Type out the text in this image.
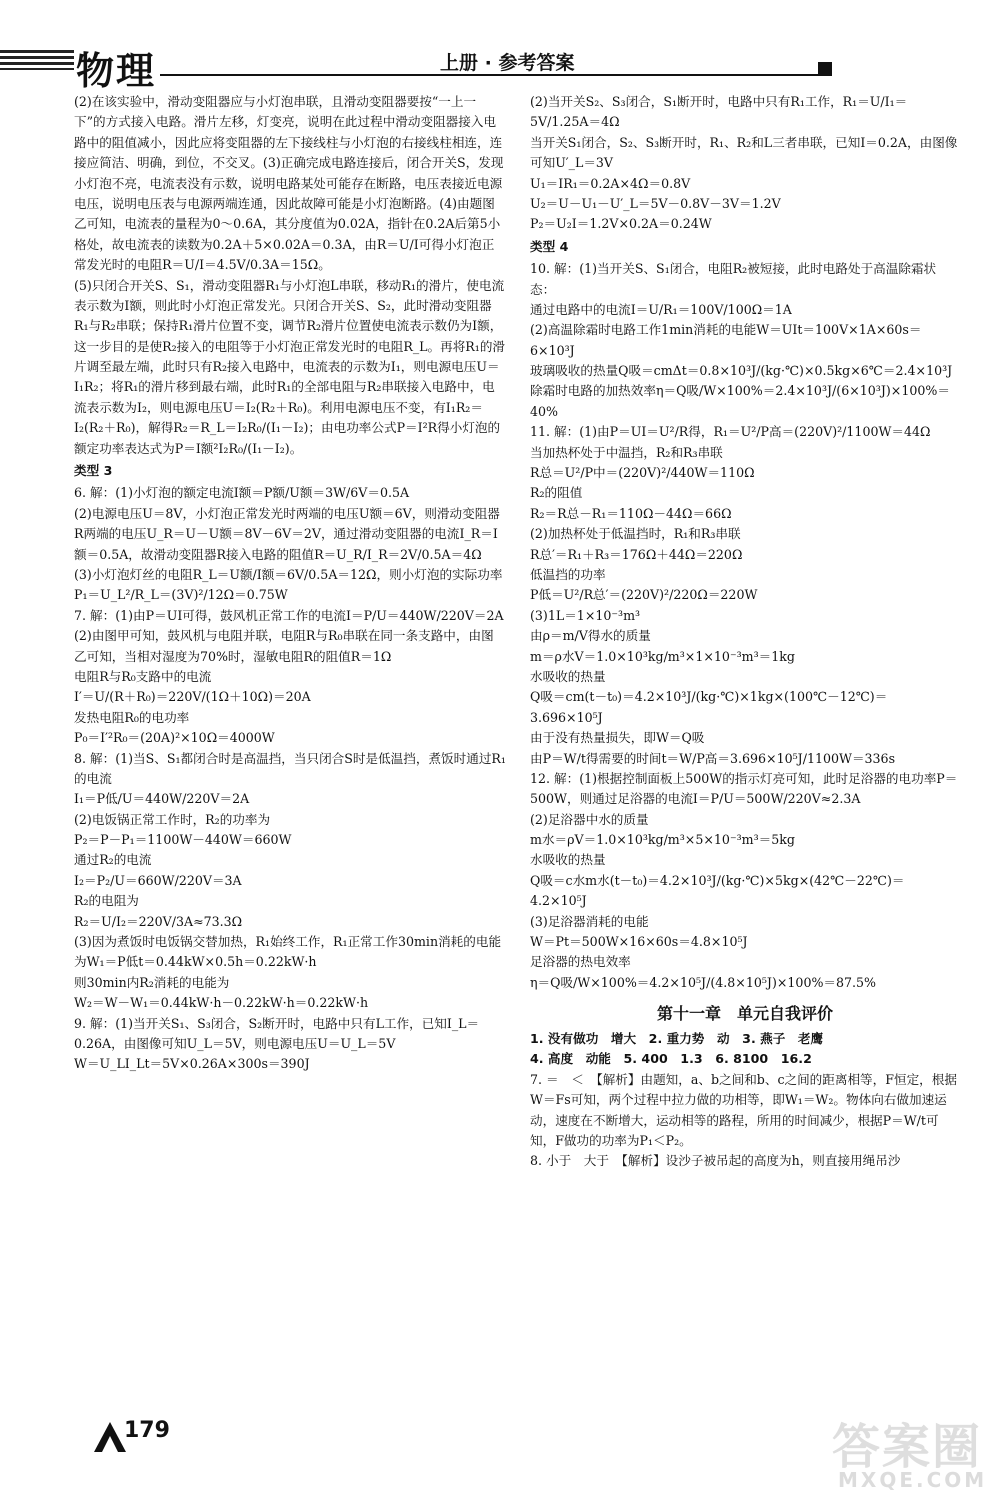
物理	上册 · 参考答案

(2)在该实验中，滑动变阻器应与小灯泡串联，且滑动变阻器要按“一上一下”的方式接入电路。滑片左移，灯变亮，说明在此过程中滑动变阻器接入电路中的阻值减小，因此应将变阻器的左下接线柱与小灯泡的右接线柱相连，连接应简洁、明确，到位，不交叉。(3)正确完成电路连接后，闭合开关S，发现小灯泡不亮，电流表没有示数，说明电路某处可能存在断路，电压表接近电源电压，说明电压表与电源两端连通，因此故障可能是小灯泡断路。(4)由题图乙可知，电流表的量程为0～0.6A，其分度值为0.02A，指针在0.2A后第5小格处，故电流表的读数为0.2A＋5×0.02A＝0.3A，由R＝U/I可得小灯泡正常发光时的电阻R＝U/I＝4.5V/0.3A＝15Ω。

(5)只闭合开关S、S₁，滑动变阻器R₁与小灯泡L串联，移动R₁的滑片，使电流表示数为I额，则此时小灯泡正常发光。只闭合开关S、S₂，此时滑动变阻器R₁与R₂串联；保持R₁滑片位置不变，调节R₂滑片位置使电流表示数仍为I额，这一步目的是使R₂接入的电阻等于小灯泡正常发光时的电阻R_L。再将R₁的滑片调至最左端，此时只有R₂接入电路中，电流表的示数为I₁，则电源电压U＝I₁R₂；将R₁的滑片移到最右端，此时R₁的全部电阻与R₂串联接入电路中，电流表示数为I₂，则电源电压U＝I₂(R₂＋R₀)。利用电源电压不变，有I₁R₂＝I₂(R₂＋R₀)，解得R₂＝R_L＝I₂R₀/(I₁－I₂)；由电功率公式P＝I²R得小灯泡的额定功率表达式为P＝I额²I₂R₀/(I₁－I₂)。

类型 3

6. 解：(1)小灯泡的额定电流I额＝P额/U额＝3W/6V＝0.5A

(2)电源电压U＝8V，小灯泡正常发光时两端的电压U额＝6V，则滑动变阻器R两端的电压U_R＝U－U额＝8V－6V＝2V，通过滑动变阻器的电流I_R＝I额＝0.5A，故滑动变阻器R接入电路的阻值R＝U_R/I_R＝2V/0.5A＝4Ω

(3)小灯泡灯丝的电阻R_L＝U额/I额＝6V/0.5A＝12Ω，则小灯泡的实际功率P₁＝U_L²/R_L＝(3V)²/12Ω＝0.75W

7. 解：(1)由P＝UI可得，鼓风机正常工作的电流I＝P/U＝440W/220V＝2A

(2)由图甲可知，鼓风机与电阻并联，电阻R与R₀串联在同一条支路中，由图乙可知，当相对湿度为70%时，湿敏电阻R的阻值R＝1Ω

电阻R与R₀支路中的电流

I′＝U/(R＋R₀)＝220V/(1Ω＋10Ω)＝20A

发热电阻R₀的电功率

P₀＝I′²R₀＝(20A)²×10Ω＝4000W

8. 解：(1)当S、S₁都闭合时是高温挡，当只闭合S时是低温挡，煮饭时通过R₁的电流

I₁＝P低/U＝440W/220V＝2A

(2)电饭锅正常工作时，R₂的功率为

P₂＝P－P₁＝1100W－440W＝660W

通过R₂的电流

I₂＝P₂/U＝660W/220V＝3A

R₂的电阻为

R₂＝U/I₂＝220V/3A≈73.3Ω

(3)因为煮饭时电饭锅交替加热，R₁始终工作，R₁正常工作30min消耗的电能为W₁＝P低t＝0.44kW×0.5h＝0.22kW·h

则30min内R₂消耗的电能为

W₂＝W－W₁＝0.44kW·h－0.22kW·h＝0.22kW·h

9. 解：(1)当开关S₁、S₃闭合，S₂断开时，电路中只有L工作，已知I_L＝0.26A，由图像可知U_L＝5V，则电源电压U＝U_L＝5V

W＝U_LI_Lt＝5V×0.26A×300s＝390J

(2)当开关S₂、S₃闭合，S₁断开时，电路中只有R₁工作，R₁＝U/I₁＝5V/1.25A＝4Ω

当开关S₁闭合，S₂、S₃断开时，R₁、R₂和L三者串联，已知I＝0.2A，由图像可知U′_L＝3V

U₁＝IR₁＝0.2A×4Ω＝0.8V

U₂＝U－U₁－U′_L＝5V－0.8V－3V＝1.2V

P₂＝U₂I＝1.2V×0.2A＝0.24W

类型 4

10. 解：(1)当开关S、S₁闭合，电阻R₂被短接，此时电路处于高温除霜状态：

通过电路中的电流I＝U/R₁＝100V/100Ω＝1A

(2)高温除霜时电路工作1min消耗的电能W＝UIt＝100V×1A×60s＝6×10³J

玻璃吸收的热量Q吸＝cmΔt＝0.8×10³J/(kg·℃)×0.5kg×6℃＝2.4×10³J

除霜时电路的加热效率η＝Q吸/W×100%＝2.4×10³J/(6×10³J)×100%＝40%

11. 解：(1)由P＝UI＝U²/R得，R₁＝U²/P高＝(220V)²/1100W＝44Ω

当加热杯处于中温挡，R₂和R₃串联

R总＝U²/P中＝(220V)²/440W＝110Ω

R₂的阻值

R₂＝R总－R₁＝110Ω－44Ω＝66Ω

(2)加热杯处于低温挡时，R₁和R₃串联

R总′＝R₁＋R₃＝176Ω＋44Ω＝220Ω

低温挡的功率

P低＝U²/R总′＝(220V)²/220Ω＝220W

(3)1L＝1×10⁻³m³

由ρ＝m/V得水的质量

m＝ρ水V＝1.0×10³kg/m³×1×10⁻³m³＝1kg

水吸收的热量

Q吸＝cm(t－t₀)＝4.2×10³J/(kg·℃)×1kg×(100℃－12℃)＝3.696×10⁵J

由于没有热量损失，即W＝Q吸

由P＝W/t得需要的时间t＝W/P高＝3.696×10⁵J/1100W＝336s

12. 解：(1)根据控制面板上500W的指示灯亮可知，此时足浴器的电功率P＝500W，则通过足浴器的电流I＝P/U＝500W/220V≈2.3A

(2)足浴器中水的质量

m水＝ρV＝1.0×10³kg/m³×5×10⁻³m³＝5kg

水吸收的热量

Q吸＝c水m水(t－t₀)＝4.2×10³J/(kg·℃)×5kg×(42℃－22℃)＝4.2×10⁵J

(3)足浴器消耗的电能

W＝Pt＝500W×16×60s＝4.8×10⁵J

足浴器的热电效率

η＝Q吸/W×100%＝4.2×10⁵J/(4.8×10⁵J)×100%＝87.5%

第十一章　单元自我评价

1. 没有做功　增大　2. 重力势　动　3. 燕子　老鹰

4. 高度　动能　5. 400　1.3　6. 8100　16.2

7. ＝　＜　【解析】由题知，a、b之间和b、c之间的距离相等，F恒定，根据W＝Fs可知，两个过程中拉力做的功相等，即W₁＝W₂。物体向右做加速运动，速度在不断增大，运动相等的路程，所用的时间减少，根据P＝W/t可知，F做功的功率为P₁＜P₂。

8. 小于　大于　【解析】设沙子被吊起的高度为h，则直接用绳吊沙

179	答案圈
MXQE.COM
